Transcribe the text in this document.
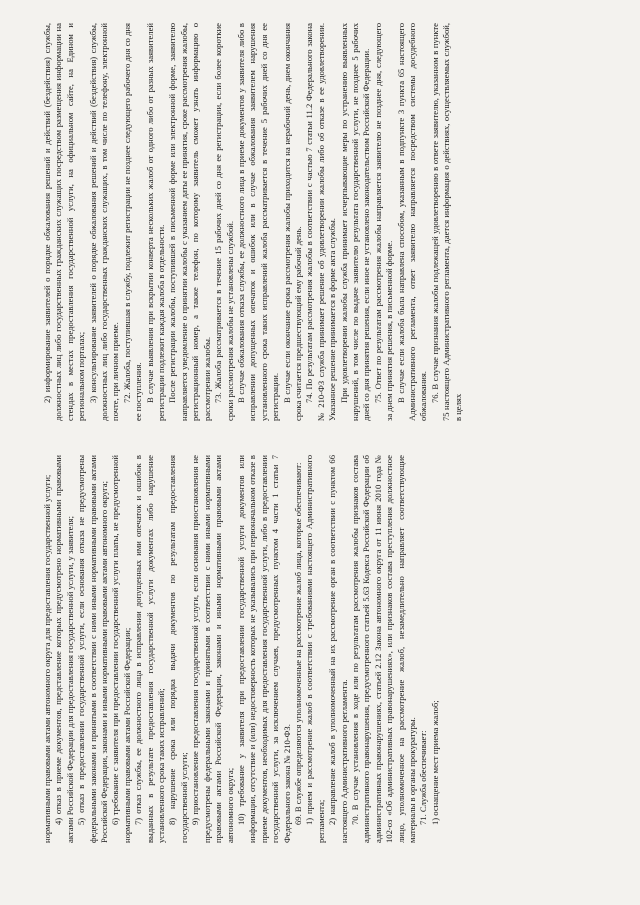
нормативными правовыми актами автономного округа для предоставления государственной услуги; 4) отказ в приеме документов, представление которых предусмотрено нормативными правовыми актами Российской Федерации для предоставления государственной услуги, у заявителя; 5) отказ в предоставлении государственной услуги, если основания отказа не предусмотрены федеральными законами и принятыми в соответствии с ними иными нормативными правовыми актами Российской Федерации, законами и иными нормативными правовыми актами автономного округа; 6) требование с заявителя при предоставлении государственной услуги платы, не предусмотренной нормативными правовыми актами Российской Федерации; 7) отказ службы, ее должностного лица в исправлении допущенных ими опечаток и ошибок в выданных в результате предоставления государственной услуги документах либо нарушение установленного срока таких исправлений; 8) нарушение срока или порядка выдачи документов по результатам предоставления государственной услуги; 9) приостановление предоставления государственной услуги, если основания приостановления не предусмотрены федеральными законами и принятыми в соответствии с ними иными нормативными правовыми актами Российской Федерации, законами и иными нормативными правовыми актами автономного округа; 10) требование у заявителя при предоставлении государственной услуги документов или информации, отсутствие и (или) недостоверность которых не указывались при первоначальном отказе в приеме документов, необходимых для предоставления государственной услуги, либо в предоставлении государственной услуги, за исключением случаев, предусмотренных пунктом 4 части 1 статьи 7 Федерального закона № 210-ФЗ. 69. В службе определяются уполномоченные на рассмотрение жалоб лица, которые обеспечивают: 1) прием и рассмотрение жалоб в соответствии с требованиями настоящего Административного регламента; 2) направление жалоб в уполномоченный на их рассмотрение орган в соответствии с пунктом 66 настоящего Административного регламента. 70. В случае установления в ходе или по результатам рассмотрения жалобы признаков состава административного правонарушения, предусмотренного статьей 5.63 Кодекса Российской Федерации об административных правонарушениях, статьей 2.12 Закона автономного округа от 11 июня 2010 года № 102-оз «Об административных правонарушениях», или признаков состава преступления должностное лицо, уполномоченное на рассмотрение жалоб, незамедлительно направляет соответствующие материалы в органы прокуратуры. 71. Служба обеспечивает: 1) оснащение мест приема жалоб;

2) информирование заявителей о порядке обжалования решений и действий (бездействия) службы, должностных лиц либо государственных гражданских служащих посредством размещения информации на стендах в местах предоставления государственной услуги, на официальном сайте, на Едином и региональном порталах; 3) консультирование заявителей о порядке обжалования решений и действий (бездействия) службы, должностных лиц либо государственных гражданских служащих, в том числе по телефону, электронной почте, при личном приеме. 72. Жалоба, поступившая в службу, подлежит регистрации не позднее следующего рабочего дня со дня ее поступления. В случае выявления при вскрытии конверта нескольких жалоб от одного либо от разных заявителей регистрации подлежит каждая жалоба в отдельности. После регистрации жалобы, поступившей в письменной форме или электронной форме, заявителю направляется уведомление о принятии жалобы с указанием даты ее принятия, сроке рассмотрения жалобы, регистрационный номер, а также телефон, по которому заявитель сможет узнать информацию о рассмотрении жалобы. 73. Жалоба рассматривается в течение 15 рабочих дней со дня ее регистрации, если более короткие сроки рассмотрения жалобы не установлены службой. В случае обжалования отказа службы, ее должностного лица в приеме документов у заявителя либо в исправлении допущенных опечаток и ошибок или в случае обжалования заявителем нарушения установленного срока таких исправлений жалоба рассматривается в течение 5 рабочих дней со дня ее регистрации. В случае если окончание срока рассмотрения жалобы приходится на нерабочий день, днем окончания срока считается предшествующий ему рабочий день. 74. По результатам рассмотрения жалобы в соответствии с частью 7 статьи 11.2 Федерального закона № 210-ФЗ служба принимает решение об удовлетворении жалобы либо об отказе в ее удовлетворении. Указанное решение принимается в форме акта службы. При удовлетворении жалобы служба принимает исчерпывающие меры по устранению выявленных нарушений, в том числе по выдаче заявителю результата государственной услуги, не позднее 5 рабочих дней со дня принятия решения, если иное не установлено законодательством Российской Федерации. 75. Ответ по результатам рассмотрения жалобы направляется заявителю не позднее дня, следующего за днем принятия решения, в письменной форме. В случае если жалоба была направлена способом, указанным в подпункте 3 пункта 65 настоящего Административного регламента, ответ заявителю направляется посредством системы досудебного обжалования. 76. В случае признания жалобы подлежащей удовлетворению в ответе заявителю, указанном в пункте 75 настоящего Административного регламента, дается информация о действиях, осуществляемых службой, в целях
